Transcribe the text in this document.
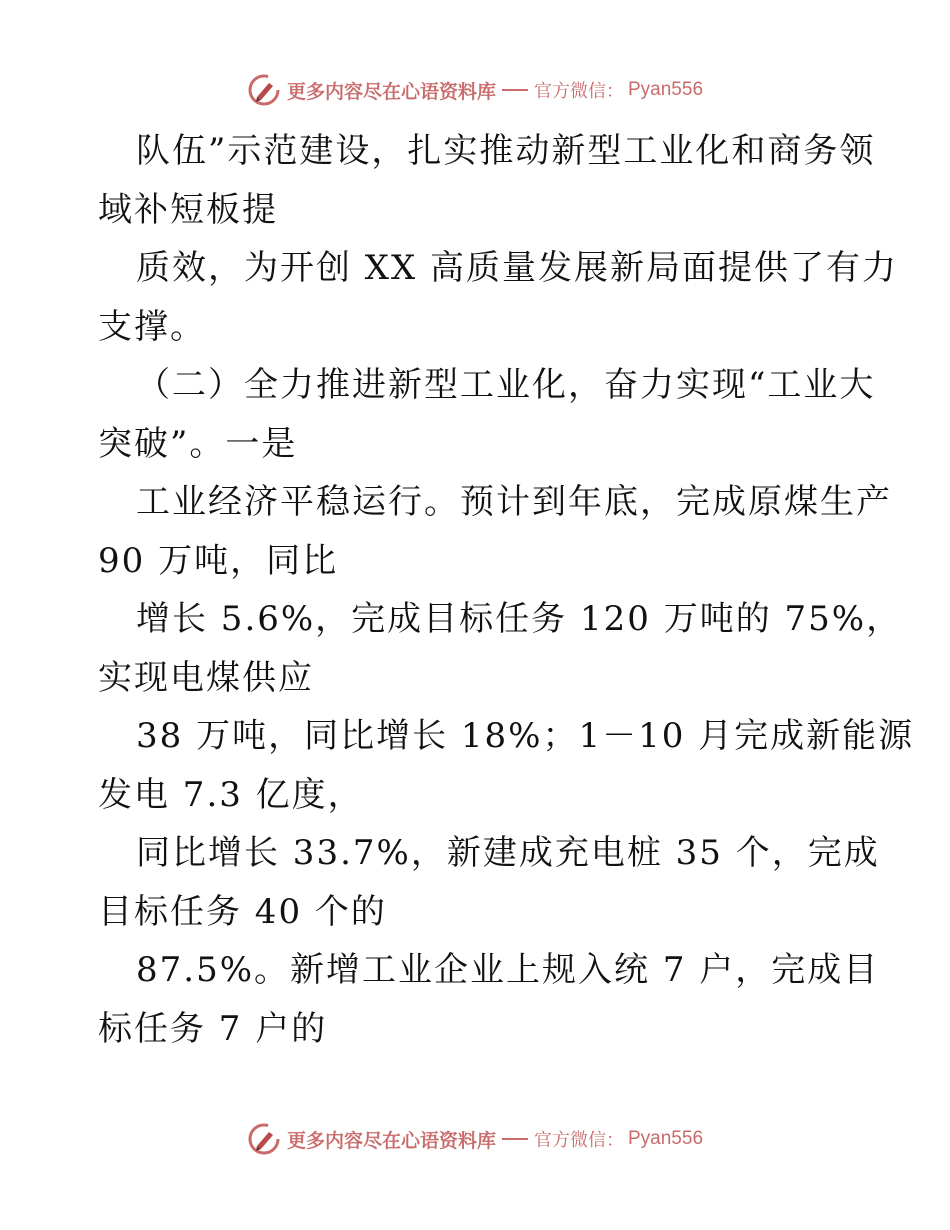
更多内容尽在心语资料库 官方微信： Pyan556
队伍”示范建设，扎实推动新型工业化和商务领
域补短板提
质效，为开创 XX 高质量发展新局面提供了有力
支撑。
（二）全力推进新型工业化，奋力实现“工业大
突破”。一是
工业经济平稳运行。预计到年底，完成原煤生产
90 万吨，同比
增长 5.6%，完成目标任务 120 万吨的 75%，
实现电煤供应
38 万吨，同比增长 18%；1－10 月完成新能源
发电 7.3 亿度，
同比增长 33.7%，新建成充电桩 35 个，完成
目标任务 40 个的
87.5%。新增工业企业上规入统 7 户，完成目
标任务 7 户的
更多内容尽在心语资料库 官方微信： Pyan556
